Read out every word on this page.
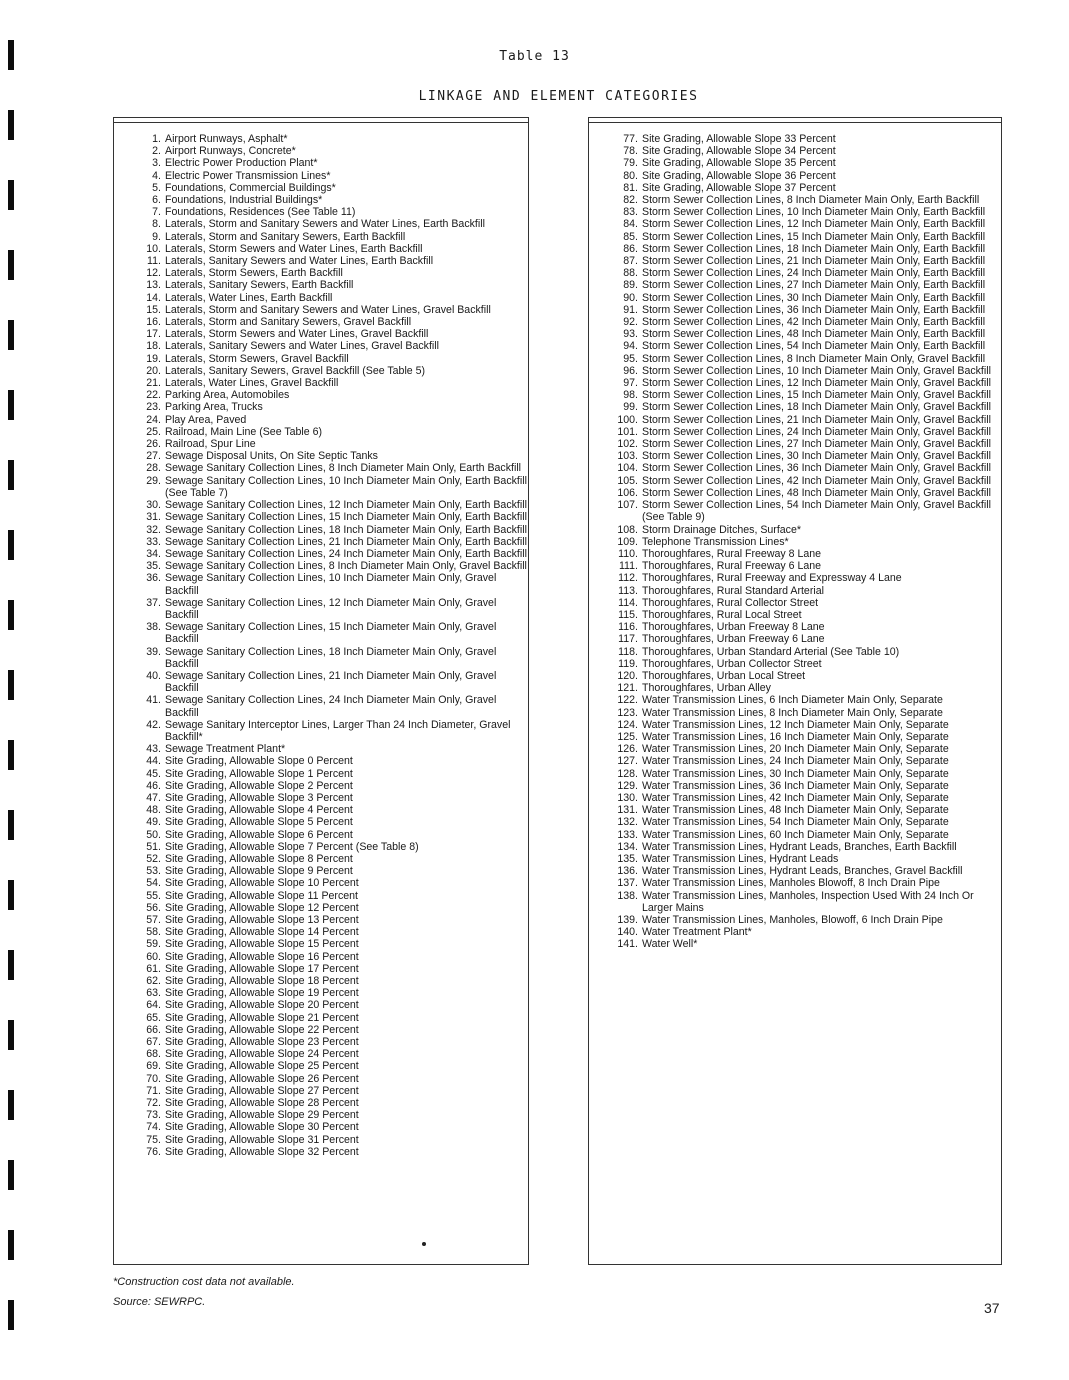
Table 13
LINKAGE AND ELEMENT CATEGORIES
1. Airport Runways, Asphalt*
2. Airport Runways, Concrete*
3. Electric Power Production Plant*
4. Electric Power Transmission Lines*
5. Foundations, Commercial Buildings*
6. Foundations, Industrial Buildings*
7. Foundations, Residences (See Table 11)
8. Laterals, Storm and Sanitary Sewers and Water Lines, Earth Backfill
9. Laterals, Storm and Sanitary Sewers, Earth Backfill
10. Laterals, Storm Sewers and Water Lines, Earth Backfill
11. Laterals, Sanitary Sewers and Water Lines, Earth Backfill
12. Laterals, Storm Sewers, Earth Backfill
13. Laterals, Sanitary Sewers, Earth Backfill
14. Laterals, Water Lines, Earth Backfill
15. Laterals, Storm and Sanitary Sewers and Water Lines, Gravel Backfill
16. Laterals, Storm and Sanitary Sewers, Gravel Backfill
17. Laterals, Storm Sewers and Water Lines, Gravel Backfill
18. Laterals, Sanitary Sewers and Water Lines, Gravel Backfill
19. Laterals, Storm Sewers, Gravel Backfill
20. Laterals, Sanitary Sewers, Gravel Backfill (See Table 5)
21. Laterals, Water Lines, Gravel Backfill
22. Parking Area, Automobiles
23. Parking Area, Trucks
24. Play Area, Paved
25. Railroad, Main Line (See Table 6)
26. Railroad, Spur Line
27. Sewage Disposal Units, On Site Septic Tanks
28. Sewage Sanitary Collection Lines, 8 Inch Diameter Main Only, Earth Backfill
29. Sewage Sanitary Collection Lines, 10 Inch Diameter Main Only, Earth Backfill (See Table 7)
30. Sewage Sanitary Collection Lines, 12 Inch Diameter Main Only, Earth Backfill
31. Sewage Sanitary Collection Lines, 15 Inch Diameter Main Only, Earth Backfill
32. Sewage Sanitary Collection Lines, 18 Inch Diameter Main Only, Earth Backfill
33. Sewage Sanitary Collection Lines, 21 Inch Diameter Main Only, Earth Backfill
34. Sewage Sanitary Collection Lines, 24 Inch Diameter Main Only, Earth Backfill
35. Sewage Sanitary Collection Lines, 8 Inch Diameter Main Only, Gravel Backfill
36. Sewage Sanitary Collection Lines, 10 Inch Diameter Main Only, Gravel Backfill
37. Sewage Sanitary Collection Lines, 12 Inch Diameter Main Only, Gravel Backfill
38. Sewage Sanitary Collection Lines, 15 Inch Diameter Main Only, Gravel Backfill
39. Sewage Sanitary Collection Lines, 18 Inch Diameter Main Only, Gravel Backfill
40. Sewage Sanitary Collection Lines, 21 Inch Diameter Main Only, Gravel Backfill
41. Sewage Sanitary Collection Lines, 24 Inch Diameter Main Only, Gravel Backfill
42. Sewage Sanitary Interceptor Lines, Larger Than 24 Inch Diameter, Gravel Backfill*
43. Sewage Treatment Plant*
44. Site Grading, Allowable Slope 0 Percent
45. Site Grading, Allowable Slope 1 Percent
46. Site Grading, Allowable Slope 2 Percent
47. Site Grading, Allowable Slope 3 Percent
48. Site Grading, Allowable Slope 4 Percent
49. Site Grading, Allowable Slope 5 Percent
50. Site Grading, Allowable Slope 6 Percent
51. Site Grading, Allowable Slope 7 Percent (See Table 8)
52. Site Grading, Allowable Slope 8 Percent
53. Site Grading, Allowable Slope 9 Percent
54. Site Grading, Allowable Slope 10 Percent
55. Site Grading, Allowable Slope 11 Percent
56. Site Grading, Allowable Slope 12 Percent
57. Site Grading, Allowable Slope 13 Percent
58. Site Grading, Allowable Slope 14 Percent
59. Site Grading, Allowable Slope 15 Percent
60. Site Grading, Allowable Slope 16 Percent
61. Site Grading, Allowable Slope 17 Percent
62. Site Grading, Allowable Slope 18 Percent
63. Site Grading, Allowable Slope 19 Percent
64. Site Grading, Allowable Slope 20 Percent
65. Site Grading, Allowable Slope 21 Percent
66. Site Grading, Allowable Slope 22 Percent
67. Site Grading, Allowable Slope 23 Percent
68. Site Grading, Allowable Slope 24 Percent
69. Site Grading, Allowable Slope 25 Percent
70. Site Grading, Allowable Slope 26 Percent
71. Site Grading, Allowable Slope 27 Percent
72. Site Grading, Allowable Slope 28 Percent
73. Site Grading, Allowable Slope 29 Percent
74. Site Grading, Allowable Slope 30 Percent
75. Site Grading, Allowable Slope 31 Percent
76. Site Grading, Allowable Slope 32 Percent
77. Site Grading, Allowable Slope 33 Percent
78. Site Grading, Allowable Slope 34 Percent
79. Site Grading, Allowable Slope 35 Percent
80. Site Grading, Allowable Slope 36 Percent
81. Site Grading, Allowable Slope 37 Percent
82. Storm Sewer Collection Lines, 8 Inch Diameter Main Only, Earth Backfill
83. Storm Sewer Collection Lines, 10 Inch Diameter Main Only, Earth Backfill
84. Storm Sewer Collection Lines, 12 Inch Diameter Main Only, Earth Backfill
85. Storm Sewer Collection Lines, 15 Inch Diameter Main Only, Earth Backfill
86. Storm Sewer Collection Lines, 18 Inch Diameter Main Only, Earth Backfill
87. Storm Sewer Collection Lines, 21 Inch Diameter Main Only, Earth Backfill
88. Storm Sewer Collection Lines, 24 Inch Diameter Main Only, Earth Backfill
89. Storm Sewer Collection Lines, 27 Inch Diameter Main Only, Earth Backfill
90. Storm Sewer Collection Lines, 30 Inch Diameter Main Only, Earth Backfill
91. Storm Sewer Collection Lines, 36 Inch Diameter Main Only, Earth Backfill
92. Storm Sewer Collection Lines, 42 Inch Diameter Main Only, Earth Backfill
93. Storm Sewer Collection Lines, 48 Inch Diameter Main Only, Earth Backfill
94. Storm Sewer Collection Lines, 54 Inch Diameter Main Only, Earth Backfill
95. Storm Sewer Collection Lines, 8 Inch Diameter Main Only, Gravel Backfill
96. Storm Sewer Collection Lines, 10 Inch Diameter Main Only, Gravel Backfill
97. Storm Sewer Collection Lines, 12 Inch Diameter Main Only, Gravel Backfill
98. Storm Sewer Collection Lines, 15 Inch Diameter Main Only, Gravel Backfill
99. Storm Sewer Collection Lines, 18 Inch Diameter Main Only, Gravel Backfill
100. Storm Sewer Collection Lines, 21 Inch Diameter Main Only, Gravel Backfill
101. Storm Sewer Collection Lines, 24 Inch Diameter Main Only, Gravel Backfill
102. Storm Sewer Collection Lines, 27 Inch Diameter Main Only, Gravel Backfill
103. Storm Sewer Collection Lines, 30 Inch Diameter Main Only, Gravel Backfill
104. Storm Sewer Collection Lines, 36 Inch Diameter Main Only, Gravel Backfill
105. Storm Sewer Collection Lines, 42 Inch Diameter Main Only, Gravel Backfill
106. Storm Sewer Collection Lines, 48 Inch Diameter Main Only, Gravel Backfill
107. Storm Sewer Collection Lines, 54 Inch Diameter Main Only, Gravel Backfill (See Table 9)
108. Storm Drainage Ditches, Surface*
109. Telephone Transmission Lines*
110. Thoroughfares, Rural Freeway 8 Lane
111. Thoroughfares, Rural Freeway 6 Lane
112. Thoroughfares, Rural Freeway and Expressway 4 Lane
113. Thoroughfares, Rural Standard Arterial
114. Thoroughfares, Rural Collector Street
115. Thoroughfares, Rural Local Street
116. Thoroughfares, Urban Freeway 8 Lane
117. Thoroughfares, Urban Freeway 6 Lane
118. Thoroughfares, Urban Standard Arterial (See Table 10)
119. Thoroughfares, Urban Collector Street
120. Thoroughfares, Urban Local Street
121. Thoroughfares, Urban Alley
122. Water Transmission Lines, 6 Inch Diameter Main Only, Separate
123. Water Transmission Lines, 8 Inch Diameter Main Only, Separate
124. Water Transmission Lines, 12 Inch Diameter Main Only, Separate
125. Water Transmission Lines, 16 Inch Diameter Main Only, Separate
126. Water Transmission Lines, 20 Inch Diameter Main Only, Separate
127. Water Transmission Lines, 24 Inch Diameter Main Only, Separate
128. Water Transmission Lines, 30 Inch Diameter Main Only, Separate
129. Water Transmission Lines, 36 Inch Diameter Main Only, Separate
130. Water Transmission Lines, 42 Inch Diameter Main Only, Separate
131. Water Transmission Lines, 48 Inch Diameter Main Only, Separate
132. Water Transmission Lines, 54 Inch Diameter Main Only, Separate
133. Water Transmission Lines, 60 Inch Diameter Main Only, Separate
134. Water Transmission Lines, Hydrant Leads, Branches, Earth Backfill
135. Water Transmission Lines, Hydrant Leads
136. Water Transmission Lines, Hydrant Leads, Branches, Gravel Backfill
137. Water Transmission Lines, Manholes Blowoff, 8 Inch Drain Pipe
138. Water Transmission Lines, Manholes, Inspection Used With 24 Inch Or Larger Mains
139. Water Transmission Lines, Manholes, Blowoff, 6 Inch Drain Pipe
140. Water Treatment Plant*
141. Water Well*
*Construction cost data not available.
Source: SEWRPC.	37
